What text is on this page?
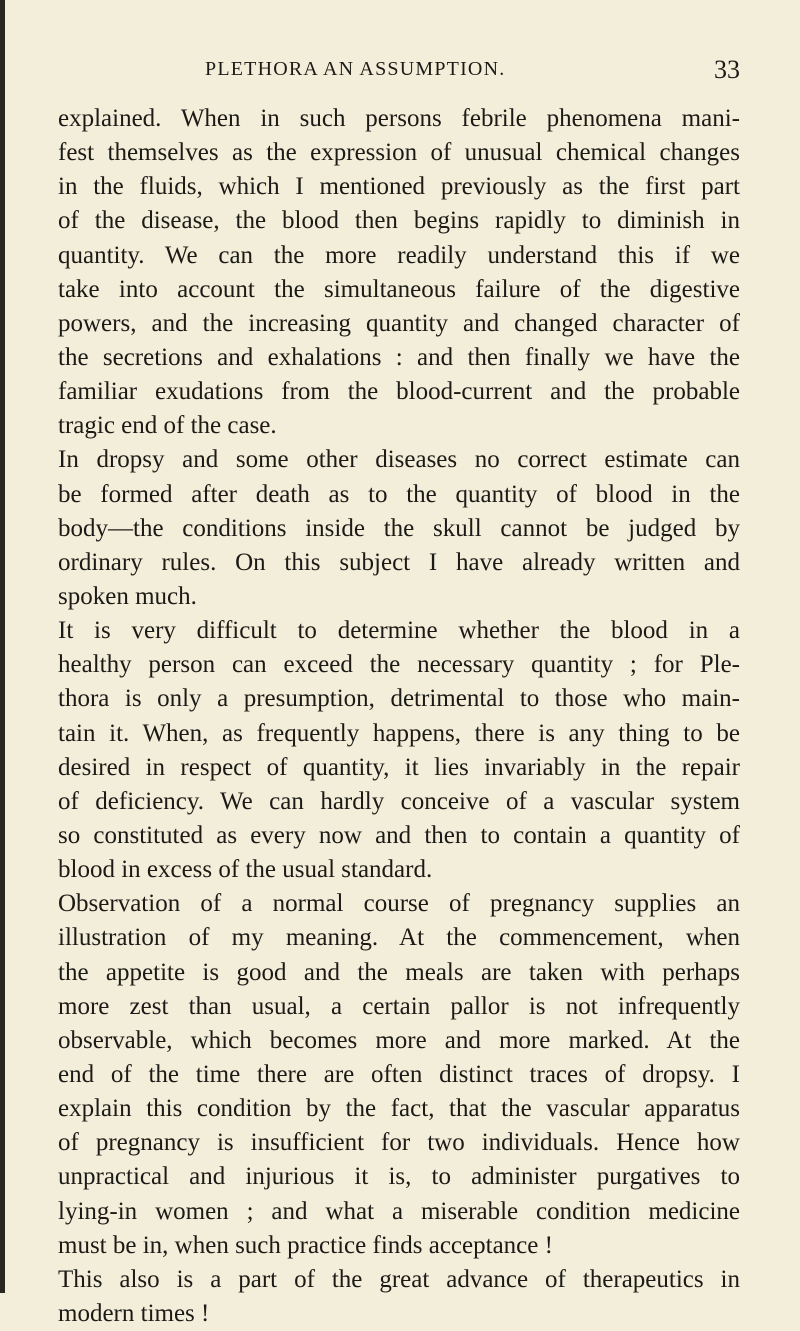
PLETHORA AN ASSUMPTION.	33
explained. When in such persons febrile phenomena mani-
fest themselves as the expression of unusual chemical changes
in the fluids, which I mentioned previously as the first part
of the disease, the blood then begins rapidly to diminish in
quantity. We can the more readily understand this if we
take into account the simultaneous failure of the digestive
powers, and the increasing quantity and changed character of
the secretions and exhalations : and then finally we have the
familiar exudations from the blood-current and the probable
tragic end of the case.
In dropsy and some other diseases no correct estimate can
be formed after death as to the quantity of blood in the
body—the conditions inside the skull cannot be judged by
ordinary rules. On this subject I have already written and
spoken much.
It is very difficult to determine whether the blood in a
healthy person can exceed the necessary quantity ; for Ple-
thora is only a presumption, detrimental to those who main-
tain it. When, as frequently happens, there is any thing to be
desired in respect of quantity, it lies invariably in the repair
of deficiency. We can hardly conceive of a vascular system
so constituted as every now and then to contain a quantity of
blood in excess of the usual standard.
Observation of a normal course of pregnancy supplies an
illustration of my meaning. At the commencement, when
the appetite is good and the meals are taken with perhaps
more zest than usual, a certain pallor is not infrequently
observable, which becomes more and more marked. At the
end of the time there are often distinct traces of dropsy. I
explain this condition by the fact, that the vascular apparatus
of pregnancy is insufficient for two individuals. Hence how
unpractical and injurious it is, to administer purgatives to
lying-in women ; and what a miserable condition medicine
must be in, when such practice finds acceptance !
This also is a part of the great advance of therapeutics in
modern times !
